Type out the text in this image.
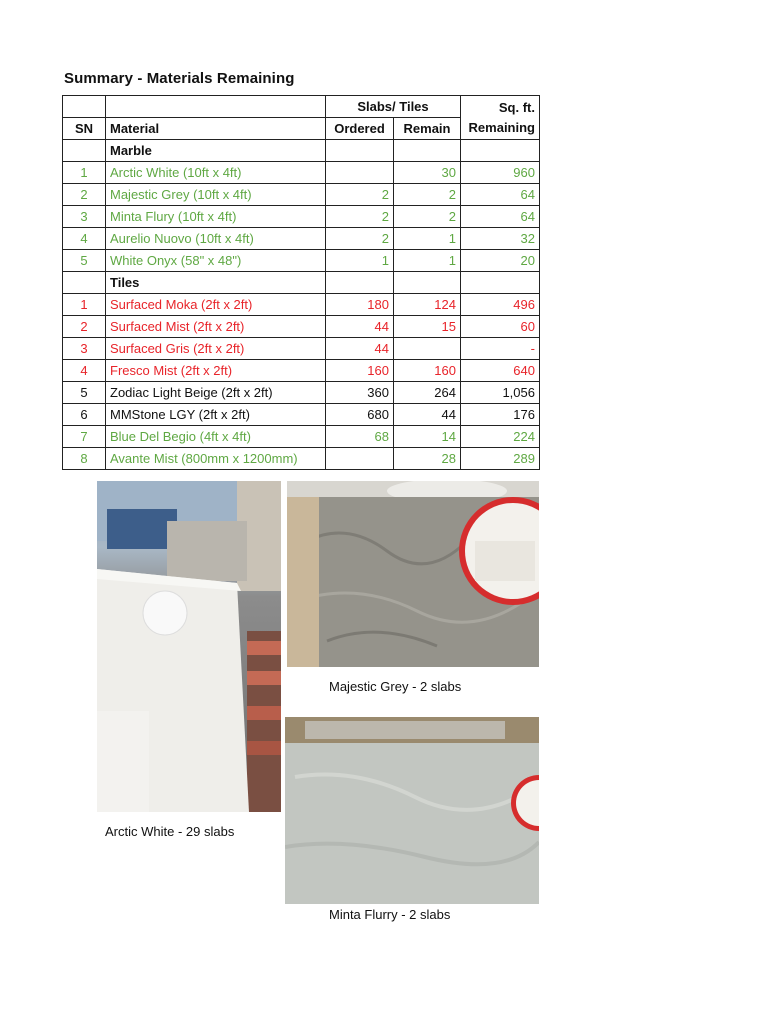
Summary - Materials Remaining
		Slabs/ Tiles		Sq. ft.
Remaining
SN	Material	Ordered	Remain	
	Marble			
1	Arctic White (10ft x 4ft)		30	960
2	Majestic Grey (10ft x 4ft)	2	2	64
3	Minta Flury (10ft x 4ft)	2	2	64
4	Aurelio Nuovo (10ft x 4ft)	2	1	32
5	White Onyx (58" x 48")	1	1	20
	Tiles			
1	Surfaced Moka (2ft x 2ft)	180	124	496
2	Surfaced Mist (2ft x 2ft)	44	15	60
3	Surfaced Gris (2ft x 2ft)	44		-
4	Fresco Mist (2ft x 2ft)	160	160	640
5	Zodiac Light Beige (2ft x 2ft)	360	264	1,056
6	MMStone LGY (2ft x 2ft)	680	44	176
7	Blue Del Begio (4ft x 4ft)	68	14	224
8	Avante Mist (800mm x 1200mm)		28	289
Majestic Grey - 2 slabs
Minta Flurry - 2 slabs
Arctic White - 29 slabs
